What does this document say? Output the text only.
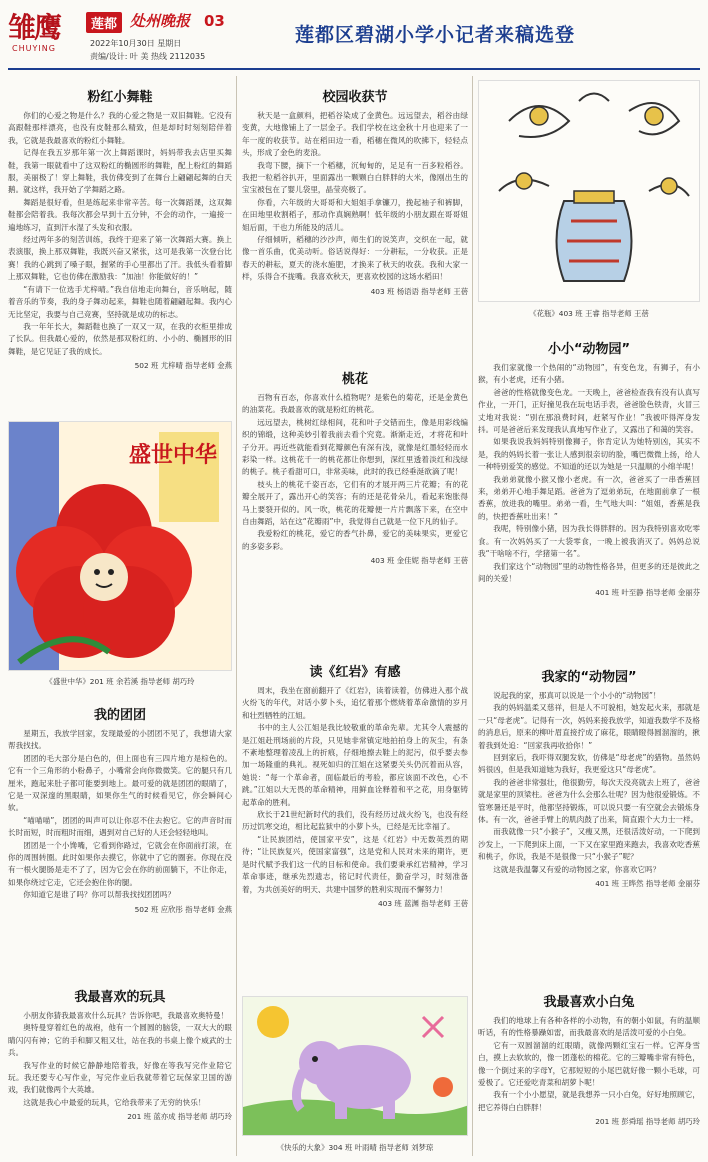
雏鹰
CHUYING
莲都 处州晚报 03
2022年10月30日 星期日
责编/设计: 叶 美 热线 2112035
莲都区碧湖小学小记者来稿选登
粉红小舞鞋

你们的心爱之物是什么？我的心爱之物是一双旧舞鞋。它没有高跟鞋那样漂亮，也没有皮鞋那么精致，但是却时时刻刻陪伴着我，它就是我最喜欢的粉红小舞鞋。

记得在我五岁那年第一次上舞蹈课时，妈妈带我去店里买舞鞋，我第一眼就看中了这双粉红的椭圆形的舞鞋，配上粉红的舞蹈服，美丽极了！穿上舞鞋，我仿佛变到了在舞台上翩翩起舞的白天鹅。就这样，我开始了学舞蹈之路。

舞蹈是很好看，但是练起来非常辛苦。每一次舞蹈课，这双舞鞋都会陪着我。我每次都会早到十五分钟，不会的动作，一遍接一遍地练习，直到汗水湿了头发和衣服。

经过两年多的刻苦训练，我终于迎来了第一次舞蹈大赛。换上表演服，换上那双舞鞋，我既兴奋又紧张，这可是我第一次登台比赛！我的心跳到了嗓子眼，握紧的手心里都出了汗。我低头看着脚上那双舞鞋，它也仿佛在激励我：“加油！你能做好的！”

“有请下一位选手尤梓晴。”我自信地走向舞台，音乐响起，随着音乐的节奏，我的身子舞动起来，舞鞋也随着翩翩起舞。我内心无比坚定，我要与自己竞赛，坚持就是成功的标志。

我一年年长大，舞蹈鞋也换了一双又一双，在我的衣柜里排成了长队。但我最心爱的，依然是那双粉红的、小小的、椭圆形的旧舞鞋，是它见证了我的成长。

502 班 尤梓晴 指导老师 金燕
盛世中华
《盛世中华》201 班 余若溪 指导老师 胡巧玲
我的团团

星期五，我放学回家，发现最爱的小团团不见了，我想请大家帮我找找。

团团的毛大部分是白色的，但上面也有三四片地方是棕色的。它有一个三角形的小粉鼻子，小嘴常会向你微微笑。它的腿只有几厘米，跑起来肚子都可能要到地上。最可爱的就是团团的眼睛了，它是一双深邃的黑眼睛，如果你生气的时候看见它，你会瞬间心软。

“喵喵喵”，团团的叫声可以让你忍不住去抱它。它的声音时而长时而短，时而粗时而细，遇到对自己好的人还会轻轻地叫。

团团是一个小馋嘴，它看到你路过，它就会在你面前打滚，在你的周围转圈。此时如果你去摸它，你就中了它的圈套。你现在没有一根火腿肠是走不了了，因为它会在你的前面躺下，不让你走，如果你绕过它走，它还会抱住你的腿。

你知道它是谁了吗？你可以帮我找找团团吗？

502 班 应欣彤 指导老师 金燕
我最喜欢的玩具

小朋友你猜我最喜欢什么玩具？告诉你吧，我最喜欢奥特曼！

奥特曼穿着红色的战袍，他有一个圆圆的脑袋，一双大大的眼睛闪闪有神；它的手和脚又粗又壮，站在我的书桌上像个威武的士兵。

我写作业的时候它静静地陪着我，好像在等我写完作业陪它玩。我还要专心写作业，写完作业后我就带着它玩保家卫国的游戏，我们就像两个大英雄。

这就是我心中最爱的玩具，它给我带来了无穷的快乐！

201 班 蓝亦成 指导老师 胡巧玲
校园收获节

秋天是一盒颜料，把稻谷染成了金黄色。远远望去，稻谷由绿变黄，大地像铺上了一层金子。我们学校在这金秋十月也迎来了一年一度的收获节。站在稻田边一看，稻穗在微风的吹拂下，轻轻点头，形成了金色的麦浪。

我弯下腰，摘下一个稻穗，沉甸甸的，足足有一百多粒稻谷。我把一粒稻谷扒开，里面露出一颗颗白白胖胖的大米，像刚出生的宝宝被包在了婴儿袋里，晶莹亮极了。

你看，六年级的大哥哥和大姐姐手拿镰刀，挽起袖子和裤脚，在田地里收割稻子，那动作真娴熟啊！低年级的小朋友跟在哥哥姐姐后面，干也力所能及的活儿。

仔细倾听，稻穗的沙沙声，师生们的说笑声，交织在一起，就像一首乐曲，优美动听。俗话说得好：一分耕耘，一分收获。正是春天的耕耘，夏天的浇水施肥，才换来了秋天的收获。我和大家一样，乐得合不拢嘴。我喜欢秋天，更喜欢校园的这场水稻田！

403 班 杨语语 指导老师 王蓓
桃花

百物有百态，你喜欢什么植物呢？是紫色的菊花，还是金黄色的油菜花。我最喜欢的就是粉红的桃花。

远远望去，桃树红绿相间，花和叶子交错而生，像是用彩线编织的锦缎，这种美妙引着我前去看个究竟。渐渐走近，才将花和叶子分开。再近些就能看到花瓣颜色有深有浅，就像是红墨轻轻而水彩染一样。这桃花千一的桃花都让你想到，深红里透着淡红和浅绿的桃子。桃子看甜可口，非常美味，此时的我已经垂涎欲滴了呢！

枝头上的桃花千姿百态，它们有的才展开两三片花瓣；有的花瓣全展开了，露出开心的笑容；有的还是花骨朵儿，看起来饱胀得马上要裂开似的。风一吹，桃花的花瓣便一片片飘落下来，在空中自由舞蹈，站在这“花瓣雨”中，我觉得自己就是一位下凡的仙子。

我爱粉红的桃花，爱它的香气扑鼻，爱它的美味果实，更爱它的多姿多彩。

403 班 金佳妮 指导老师 王蓓
读《红岩》有感

周末，我坐在窗前翻开了《红岩》，读着读着，仿佛进入那个战火纷飞的年代，对话小萝卜头，追忆着那个燃烧着革命激情的岁月和壮烈牺牲的江姐。

书中的主人公江姐是我比较敬重的革命先辈。尤其令人震撼的是江姐赴刑场前的片段，只见她非常镇定地拍拍身上的灰尘，有条不紊地整理着凌乱上的折痕，仔细地擦去鞋上的泥污，似乎要去参加一场隆重的典礼。视死如归的江姐在这紧要关头仍沉着而从容，她说：“每一个革命者，面临最后的考验，都应该面不改色，心不跳。”江姐以大无畏的革命精神，用鲜血诠释着和平之花，用身躯铸起革命的胜利。

欣长于21世纪新时代的我们，没有经历过战火纷飞，也没有经历过饥寒交迫，相比起监狱中的小萝卜头，已经是无比幸福了。

“让民族团结，使国家平安”，这是《红岩》中无数英烈的期待；“让民族复兴，使国家富强”，这是党和人民对未来的期许，更是时代赋予我们这一代的目标和使命。我们要秉承红岩精神，学习革命事迹，继承先烈遗志，铭记时代责任，勤奋学习，时刻准备着，为共创美好的明天、共建中国梦的胜利实现而不懈努力！

403 班 蓝渊 指导老师 王蓓
《快乐的大象》304 班 叶雨晴 指导老师 刘梦琼
《花瓶》403 班 王睿 指导老师 王蓓
小小“动物园”

我们家就像一个热闹的“动物园”，有变色龙，有狮子，有小猴，有小老虎，还有小猪。

爸爸的性格就像变色龙。一天晚上，爸爸检查我有没有认真写作业，一开门，正好撞见我在玩电话手表，爸爸脸色铁青，火冒三丈地对我说：“别在那浪费时间，赶紧写作业！”我被吓得浑身发抖。可是爸爸后来发现我认真地写作业了，又露出了和蔼的笑容。

如果我说我妈妈特别像狮子，你肯定认为她特别凶，其实不是，我的妈妈长着一张让人感到很亲切的脸，嘴巴微微上扬，给人一种特别爱笑的感觉。不知道的还以为她是一只温顺的小绵羊呢！

我弟弟就像小猴又像小老虎。有一次，爸爸买了一串香蕉回来，弟弟开心地手舞足蹈。爸爸为了逗弟弟玩，在地面前拿了一根香蕉，放进我的嘴里。弟弟一看，生气地大叫：“姐姐，香蕉是我的，快把香蕉吐出来！”

我呢，特别像小猪，因为我长得胖胖的。因为我特别喜欢吃零食。有一次妈妈买了一大袋零食，一晚上被我消灭了。妈妈总说我“干啥啥不行，学猪第一名”。

我们家这个“动物园”里的动物性格各异，但更多的还是彼此之间的关爱！

401 班 叶至静 指导老师 金丽芬
我家的“动物园”

说起我的家，那真可以说是一个小小的“动物园”！

我的妈妈温柔又慈祥，但是人不可貌相，她发起火来，那就是一只“母老虎”。记得有一次，妈妈来接我放学，知道我数学不及格的消息后，原来的柳叶眉直接拧成了麻花，眼睛瞪得圆溜溜的，揪着我到处追：“回家我再收拾你！”

回到家后，我吓得双腿发软，仿佛是“母老虎”的猎物。虽然妈妈很凶，但是我知道她为我好，我更爱这只“母老虎”。

我的爸爸非常强壮，他很勤劳，每次天没亮就去上班了，爸爸就是家里的顶梁柱。爸爸为什么会那么壮呢？因为他很爱锻炼。不管寒暑还是平时，他都坚持锻炼，可以说只要一有空就会去锻炼身体。有一次，爸爸手臂上的肌肉鼓了出来，简直跟个大力士一样。

而我就像一只“小猴子”，又瘦又黑，还很活泼好动，一下爬到沙发上，一下爬到床上面，一下又在家里跑来跑去，我喜欢吃香蕉和桃子，你说，我是不是很像一只“小猴子”呢？

这就是我温馨又有爱的动物园之家，你喜欢它吗？

401 班 王晔然 指导老师 金丽芬
我最喜欢小白兔

我们的地球上有各种各样的小动物，有的朝小如鼠，有的温顺听话，有的性格暴躁如雷，而我最喜欢的是活泼可爱的小白兔。

它有一双圆溜溜的红眼睛，就像两颗红宝石一样。它浑身雪白，摸上去软软的，像一团蓬松的棉花。它的三瓣嘴非常有特色，像一个倒过来的字母Y，它那短短的小尾巴就好像一颗小毛球，可爱极了。它还爱吃青菜和胡萝卜呢！

我有一个小小愿望，就是我想养一只小白兔，好好地照顾它，把它养得白白胖胖！

201 班 彭舜瑶 指导老师 胡巧玲
